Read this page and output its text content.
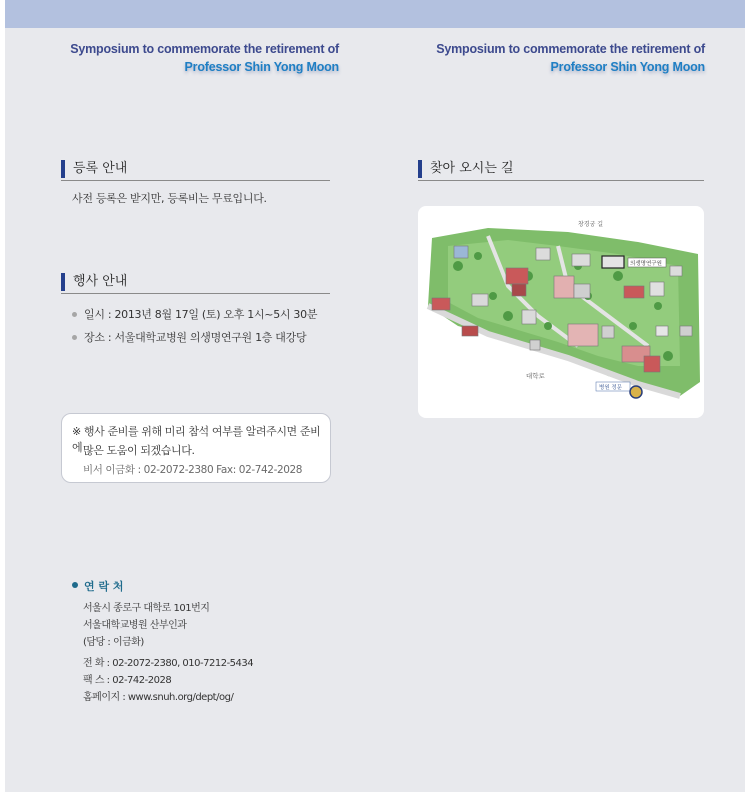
Symposium to commemorate the retirement of
Professor Shin Yong Moon
Symposium to commemorate the retirement of
Professor Shin Yong Moon
등록 안내
사전 등록은 받지만, 등록비는 무료입니다.
행사 안내
일시 : 2013년 8월 17일 (토) 오후 1시~5시 30분
장소 : 서울대학교병원 의생명연구원 1층 대강당
※ 행사 준비를 위해 미리 참석 여부를 알려주시면 준비에 많은 도움이 되겠습니다.
비서 이금화 : 02-2072-2380 Fax: 02-742-2028
찾아 오시는 길
창경궁 길
의생명연구원
대학로
병원 정문
연 락 처
서울시 종로구 대학로 101번지
서울대학교병원 산부인과
(담당 : 이금화)
전 화 : 02-2072-2380, 010-7212-5434
팩 스 : 02-742-2028
홈페이지 : www.snuh.org/dept/og/
